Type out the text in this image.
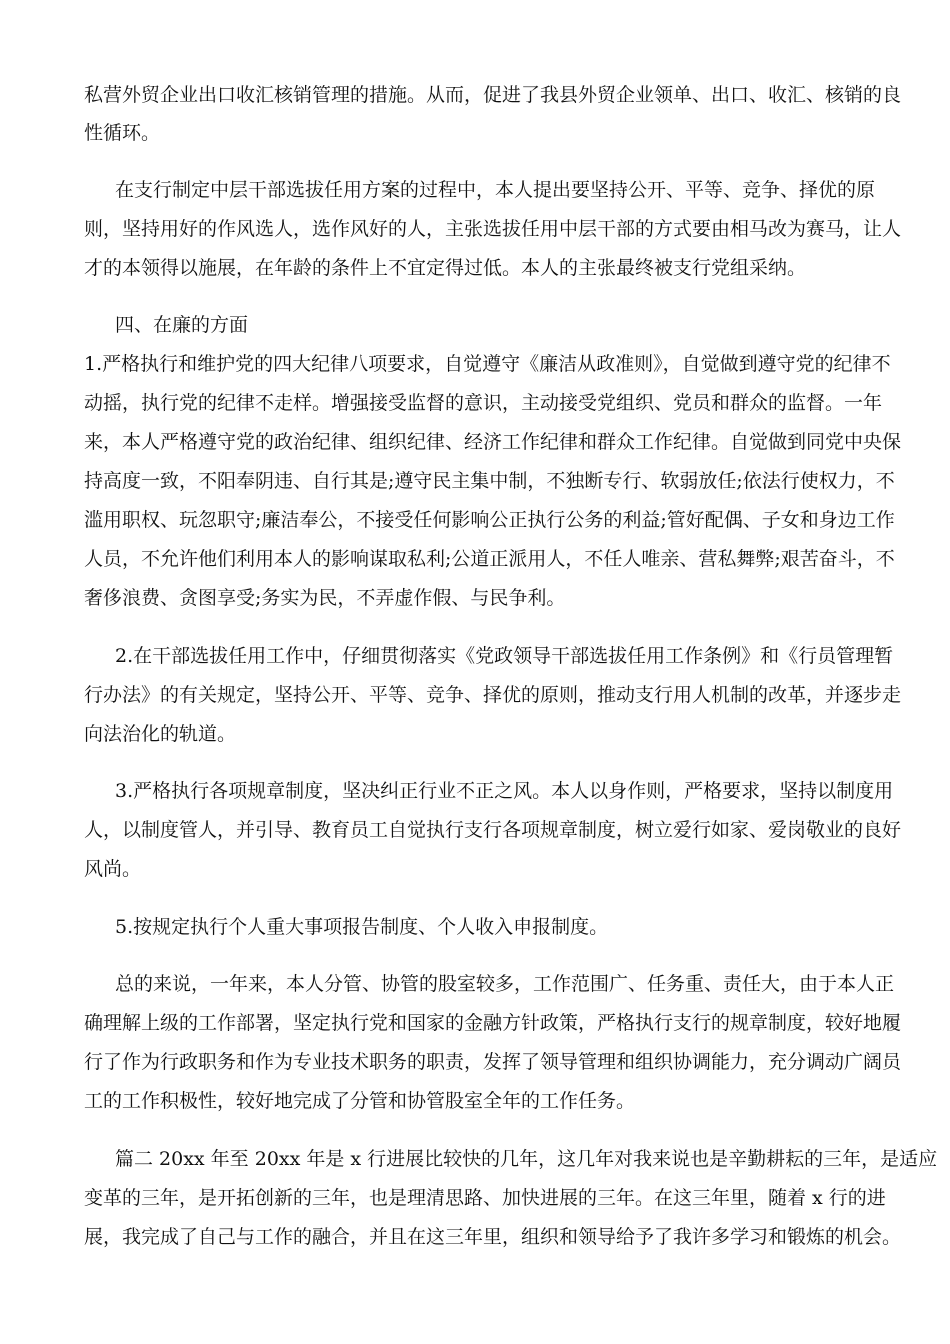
私营外贸企业出口收汇核销管理的措施。从而，促进了我县外贸企业领单、出口、收汇、核销的良
性循环。
在支行制定中层干部选拔任用方案的过程中，本人提出要坚持公开、平等、竞争、择优的原
则，坚持用好的作风选人，选作风好的人，主张选拔任用中层干部的方式要由相马改为赛马，让人
才的本领得以施展，在年龄的条件上不宜定得过低。本人的主张最终被支行党组采纳。
四、在廉的方面
1.严格执行和维护党的四大纪律八项要求，自觉遵守《廉洁从政准则》，自觉做到遵守党的纪律不
动摇，执行党的纪律不走样。增强接受监督的意识，主动接受党组织、党员和群众的监督。一年
来，本人严格遵守党的政治纪律、组织纪律、经济工作纪律和群众工作纪律。自觉做到同党中央保
持高度一致，不阳奉阴违、自行其是;遵守民主集中制，不独断专行、软弱放任;依法行使权力，不
滥用职权、玩忽职守;廉洁奉公，不接受任何影响公正执行公务的利益;管好配偶、子女和身边工作
人员，不允许他们利用本人的影响谋取私利;公道正派用人，不任人唯亲、营私舞弊;艰苦奋斗，不
奢侈浪费、贪图享受;务实为民，不弄虚作假、与民争利。
2.在干部选拔任用工作中，仔细贯彻落实《党政领导干部选拔任用工作条例》和《行员管理暂
行办法》的有关规定，坚持公开、平等、竞争、择优的原则，推动支行用人机制的改革，并逐步走
向法治化的轨道。
3.严格执行各项规章制度，坚决纠正行业不正之风。本人以身作则，严格要求，坚持以制度用
人，以制度管人，并引导、教育员工自觉执行支行各项规章制度，树立爱行如家、爱岗敬业的良好
风尚。
5.按规定执行个人重大事项报告制度、个人收入申报制度。
总的来说，一年来，本人分管、协管的股室较多，工作范围广、任务重、责任大，由于本人正
确理解上级的工作部署，坚定执行党和国家的金融方针政策，严格执行支行的规章制度，较好地履
行了作为行政职务和作为专业技术职务的职责，发挥了领导管理和组织协调能力，充分调动广阔员
工的工作积极性，较好地完成了分管和协管股室全年的工作任务。
篇二 20xx 年至 20xx 年是 x 行进展比较快的几年，这几年对我来说也是辛勤耕耘的三年，是适应
变革的三年，是开拓创新的三年，也是理清思路、加快进展的三年。在这三年里，随着 x 行的进
展，我完成了自己与工作的融合，并且在这三年里，组织和领导给予了我许多学习和锻炼的机会。
